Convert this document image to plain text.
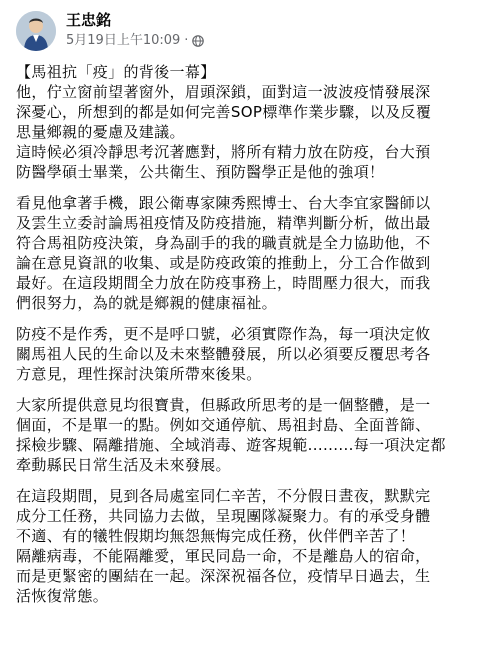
王忠銘
5月19日上午10:09 ·
【馬祖抗「疫」的背後一幕】
他，佇立窗前望著窗外，眉頭深鎖，面對這一波波疫情發展深
深憂心，所想到的都是如何完善SOP標準作業步驟，以及反覆
思量鄉親的憂慮及建議。
這時候必須冷靜思考沉著應對，將所有精力放在防疫，台大預
防醫學碩士畢業，公共衛生、預防醫學正是他的強項！
看見他拿著手機，跟公衛專家陳秀熙博士、台大李宜家醫師以
及雲生立委討論馬祖疫情及防疫措施，精準判斷分析，做出最
符合馬祖防疫決策，身為副手的我的職責就是全力協助他，不
論在意見資訊的收集、或是防疫政策的推動上，分工合作做到
最好。在這段期間全力放在防疫事務上，時間壓力很大，而我
們很努力，為的就是鄉親的健康福祉。
防疫不是作秀，更不是呼口號，必須實際作為，每一項決定攸
關馬祖人民的生命以及未來整體發展，所以必須要反覆思考各
方意見，理性探討決策所帶來後果。
大家所提供意見均很寶貴，但縣政所思考的是一個整體，是一
個面，不是單一的點。例如交通停航、馬祖封島、全面普篩、
採檢步驟、隔離措施、全域消毒、遊客規範.........每一項決定都
牽動縣民日常生活及未來發展。
在這段期間，見到各局處室同仁辛苦，不分假日晝夜，默默完
成分工任務，共同協力去做，呈現團隊凝聚力。有的承受身體
不適、有的犧牲假期均無怨無悔完成任務，伙伴們辛苦了！
隔離病毒，不能隔離愛，軍民同島一命，不是離島人的宿命，
而是更緊密的團結在一起。深深祝福各位，疫情早日過去，生
活恢復常態。
